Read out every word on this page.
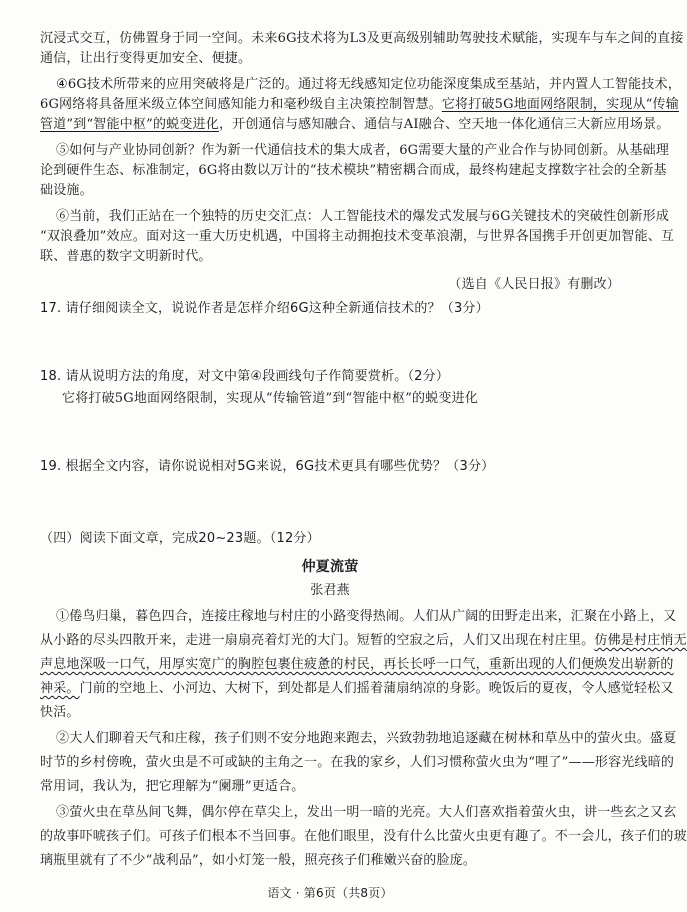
沉浸式交互，仿佛置身于同一空间。未来6G技术将为L3及更高级别辅助驾驶技术赋能，实现车与车之间的直接
通信，让出行变得更加安全、便捷。
④6G技术所带来的应用突破将是广泛的。通过将无线感知定位功能深度集成至基站，并内置人工智能技术，
6G网络将具备厘米级立体空间感知能力和毫秒级自主决策控制智慧。它将打破5G地面网络限制，实现从“传输
管道”到“智能中枢”的蜕变进化，开创通信与感知融合、通信与AI融合、空天地一体化通信三大新应用场景。
⑤如何与产业协同创新？作为新一代通信技术的集大成者，6G需要大量的产业合作与协同创新。从基础理
论到硬件生态、标准制定，6G将由数以万计的“技术模块”精密耦合而成，最终构建起支撑数字社会的全新基
础设施。
⑥当前，我们正站在一个独特的历史交汇点：人工智能技术的爆发式发展与6G关键技术的突破性创新形成
“双浪叠加”效应。面对这一重大历史机遇，中国将主动拥抱技术变革浪潮，与世界各国携手开创更加智能、互
联、普惠的数字文明新时代。
（选自《人民日报》有删改）
17. 请仔细阅读全文，说说作者是怎样介绍6G这种全新通信技术的？（3分）
18. 请从说明方法的角度，对文中第④段画线句子作简要赏析。（2分）
它将打破5G地面网络限制，实现从“传输管道”到“智能中枢”的蜕变进化
19. 根据全文内容，请你说说相对5G来说，6G技术更具有哪些优势？（3分）
（四）阅读下面文章，完成20~23题。（12分）
仲夏流萤
张君燕
①倦鸟归巢，暮色四合，连接庄稼地与村庄的小路变得热闹。人们从广阔的田野走出来，汇聚在小路上，又
从小路的尽头四散开来，走进一扇扇亮着灯光的大门。短暂的空寂之后，人们又出现在村庄里。仿佛是村庄悄无
声息地深吸一口气，用厚实宽广的胸腔包裹住疲惫的村民，再长长呼一口气，重新出现的人们便焕发出崭新的
神采。门前的空地上、小河边、大树下，到处都是人们摇着蒲扇纳凉的身影。晚饭后的夏夜，令人感觉轻松又
快活。
②大人们聊着天气和庄稼，孩子们则不安分地跑来跑去，兴致勃勃地追逐藏在树林和草丛中的萤火虫。盛夏
时节的乡村傍晚，萤火虫是不可或缺的主角之一。在我的家乡，人们习惯称萤火虫为“哩了”——形容光线暗的
常用词，我认为，把它理解为“阑珊”更适合。
③萤火虫在草丛间飞舞，偶尔停在草尖上，发出一明一暗的光亮。大人们喜欢指着萤火虫，讲一些玄之又玄
的故事吓唬孩子们。可孩子们根本不当回事。在他们眼里，没有什么比萤火虫更有趣了。不一会儿，孩子们的玻
璃瓶里就有了不少“战利品”，如小灯笼一般，照亮孩子们稚嫩兴奋的脸庞。
语文 · 第6页（共8页）
